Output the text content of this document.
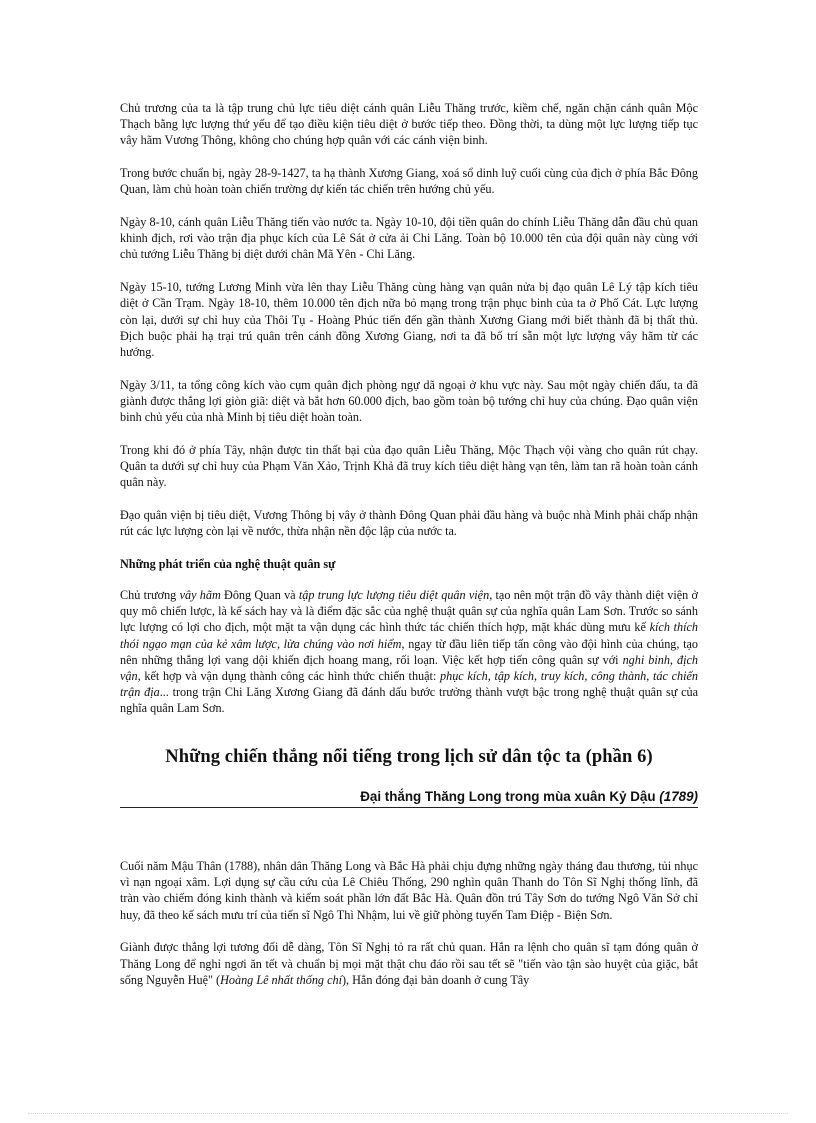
Chủ trương của ta là tập trung chủ lực tiêu diệt cánh quân Liễu Thăng trước, kiềm chế, ngăn chặn cánh quân Mộc Thạch bằng lực lượng thứ yếu để tạo điều kiện tiêu diệt ở bước tiếp theo. Đồng thời, ta dùng một lực lượng tiếp tục vây hãm Vương Thông, không cho chúng hợp quân với các cánh viện binh.

Trong bước chuẩn bị, ngày 28-9-1427, ta hạ thành Xương Giang, xoá sổ dinh luỹ cuối cùng của địch ở phía Bắc Đông Quan, làm chủ hoàn toàn chiến trường dự kiến tác chiến trên hướng chủ yếu.

Ngày 8-10, cánh quân Liễu Thăng tiến vào nước ta. Ngày 10-10, đội tiền quân do chính Liễu Thăng dẫn đầu chủ quan khinh địch, rơi vào trận địa phục kích của Lê Sát ở cửa ải Chi Lăng. Toàn bộ 10.000 tên của đội quân này cùng với chủ tướng Liễu Thăng bị diệt dưới chân Mã Yên - Chi Lăng.

Ngày 15-10, tướng Lương Minh vừa lên thay Liễu Thăng cùng hàng vạn quân nửa bị đạo quân Lê Lý tập kích tiêu diệt ở Cần Trạm. Ngày 18-10, thêm 10.000 tên địch nữa bỏ mạng trong trận phục binh của ta ở Phố Cát. Lực lượng còn lại, dưới sự chỉ huy của Thôi Tụ - Hoàng Phúc tiến đến gần thành Xương Giang mới biết thành đã bị thất thủ. Địch buộc phải hạ trại trú quân trên cánh đồng Xương Giang, nơi ta đã bố trí sẵn một lực lượng vây hãm từ các hướng.

Ngày 3/11, ta tổng công kích vào cụm quân địch phòng ngự dã ngoại ở khu vực này. Sau một ngày chiến đấu, ta đã giành được thắng lợi giòn giã: diệt và bắt hơn 60.000 địch, bao gồm toàn bộ tướng chỉ huy của chúng. Đạo quân viện binh chủ yếu của nhà Minh bị tiêu diệt hoàn toàn.

Trong khi đó ở phía Tây, nhận được tin thất bại của đạo quân Liễu Thăng, Mộc Thạch vội vàng cho quân rút chạy. Quân ta dưới sự chỉ huy của Phạm Văn Xảo, Trịnh Khả đã truy kích tiêu diệt hàng vạn tên, làm tan rã hoàn toàn cánh quân này.

Đạo quân viện bị tiêu diệt, Vương Thông bị vây ở thành Đông Quan phải đầu hàng và buộc nhà Minh phải chấp nhận rút các lực lượng còn lại về nước, thừa nhận nền độc lập của nước ta.

Những phát triển của nghệ thuật quân sự

Chủ trương vây hãm Đông Quan và tập trung lực lượng tiêu diệt quân viện, tạo nên một trận đồ vây thành diệt viện ở quy mô chiến lược, là kế sách hay và là điểm đặc sắc của nghệ thuật quân sự của nghĩa quân Lam Sơn. Trước so sánh lực lượng có lợi cho địch, một mặt ta vận dụng các hình thức tác chiến thích hợp, mặt khác dùng mưu kế kích thích thói ngạo mạn của kẻ xâm lược, lừa chúng vào nơi hiểm, ngay từ đầu liên tiếp tấn công vào đội hình của chúng, tạo nên những thắng lợi vang dội khiến địch hoang mang, rối loạn. Việc kết hợp tiến công quân sự với nghi binh, địch vận, kết hợp và vận dụng thành công các hình thức chiến thuật: phục kích, tập kích, truy kích, công thành, tác chiến trận địa... trong trận Chi Lăng Xương Giang đã đánh dấu bước trưởng thành vượt bậc trong nghệ thuật quân sự của nghĩa quân Lam Sơn.

Những chiến thắng nổi tiếng trong lịch sử dân tộc ta (phần 6)
Đại thắng Thăng Long trong mùa xuân Kỷ Dậu (1789)

Cuối năm Mậu Thân (1788), nhân dân Thăng Long và Bắc Hà phải chịu đựng những ngày tháng đau thương, tủi nhục vì nạn ngoại xâm. Lợi dụng sự cầu cứu của Lê Chiêu Thống, 290 nghìn quân Thanh do Tôn Sĩ Nghị thống lĩnh, đã tràn vào chiếm đóng kinh thành và kiểm soát phần lớn đất Bắc Hà. Quân đồn trú Tây Sơn do tướng Ngô Văn Sở chỉ huy, đã theo kế sách mưu trí của tiến sĩ Ngô Thì Nhậm, lui về giữ phòng tuyến Tam Điệp - Biện Sơn.

Giành được thắng lợi tương đối dễ dàng, Tôn Sĩ Nghị tỏ ra rất chủ quan. Hắn ra lệnh cho quân sĩ tạm đóng quân ở Thăng Long để nghỉ ngơi ăn tết và chuẩn bị mọi mặt thật chu đáo rồi sau tết sẽ "tiến vào tận sào huyệt của giặc, bắt sống Nguyễn Huệ" (Hoàng Lê nhất thống chí), Hắn đóng đại bản doanh ở cung Tây
